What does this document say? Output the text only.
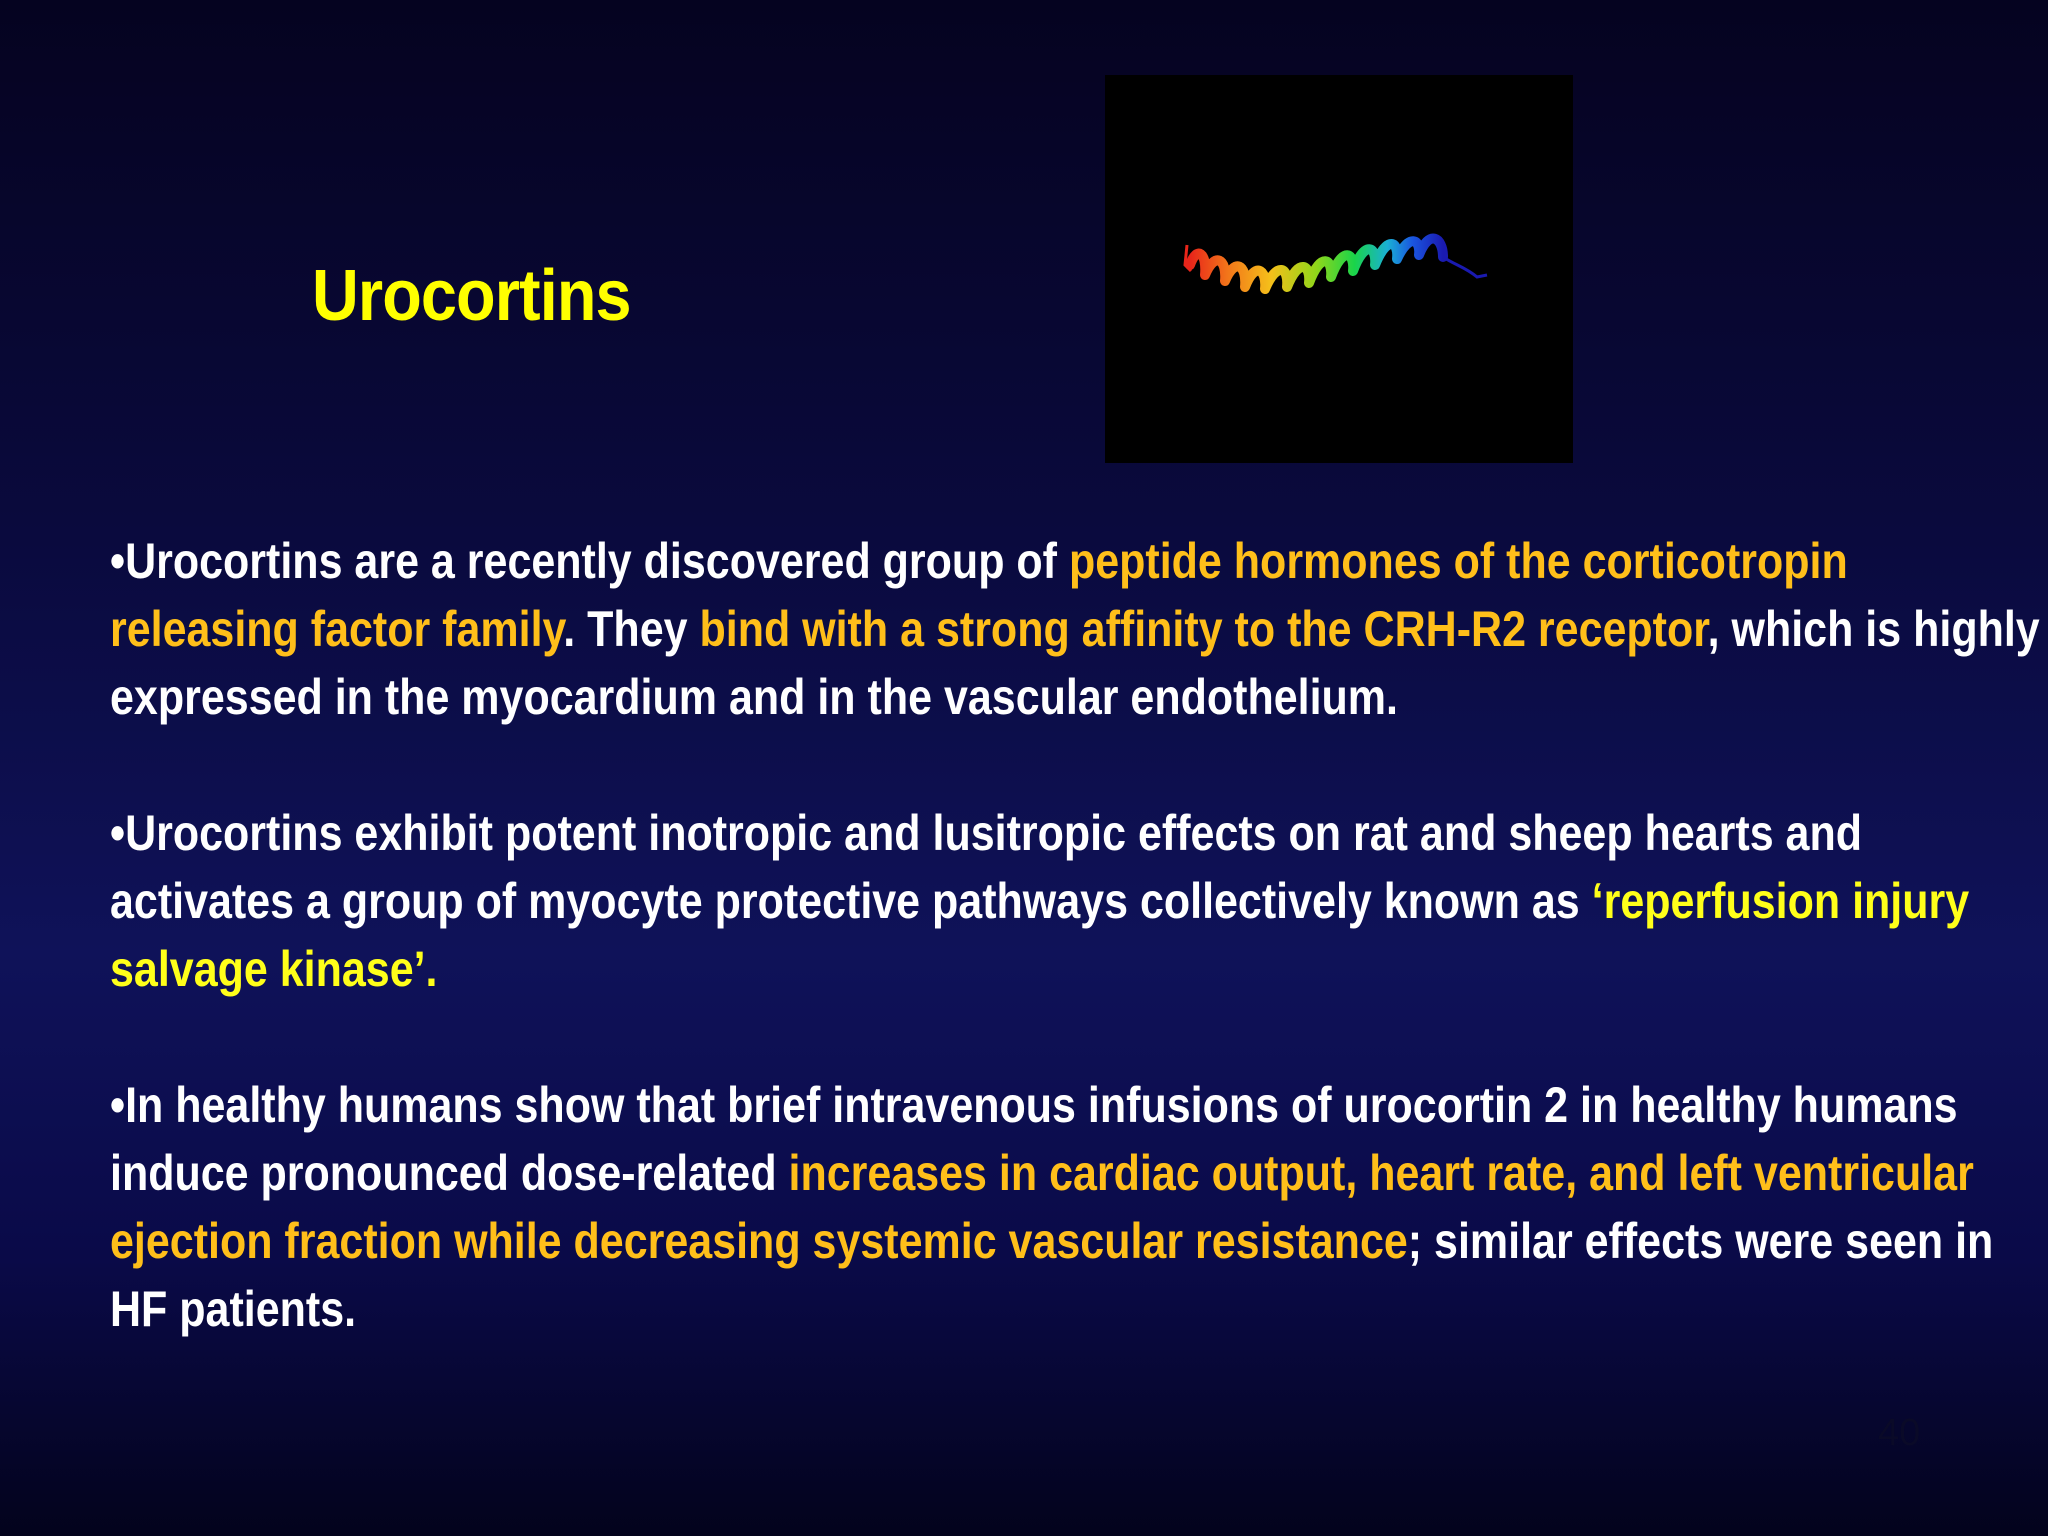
Urocortins

•Urocortins are a recently discovered group of peptide hormones of the corticotropin releasing factor family. They bind with a strong affinity to the CRH-R2 receptor, which is highly expressed in the myocardium and in the vascular endothelium.

•Urocortins exhibit potent inotropic and lusitropic effects on rat and sheep hearts and activates a group of myocyte protective pathways collectively known as ‘reperfusion injury salvage kinase’.

•In healthy humans show that brief intravenous infusions of urocortin 2 in healthy humans induce pronounced dose-related increases in cardiac output, heart rate, and left ventricular ejection fraction while decreasing systemic vascular resistance; similar effects were seen in HF patients.

40
